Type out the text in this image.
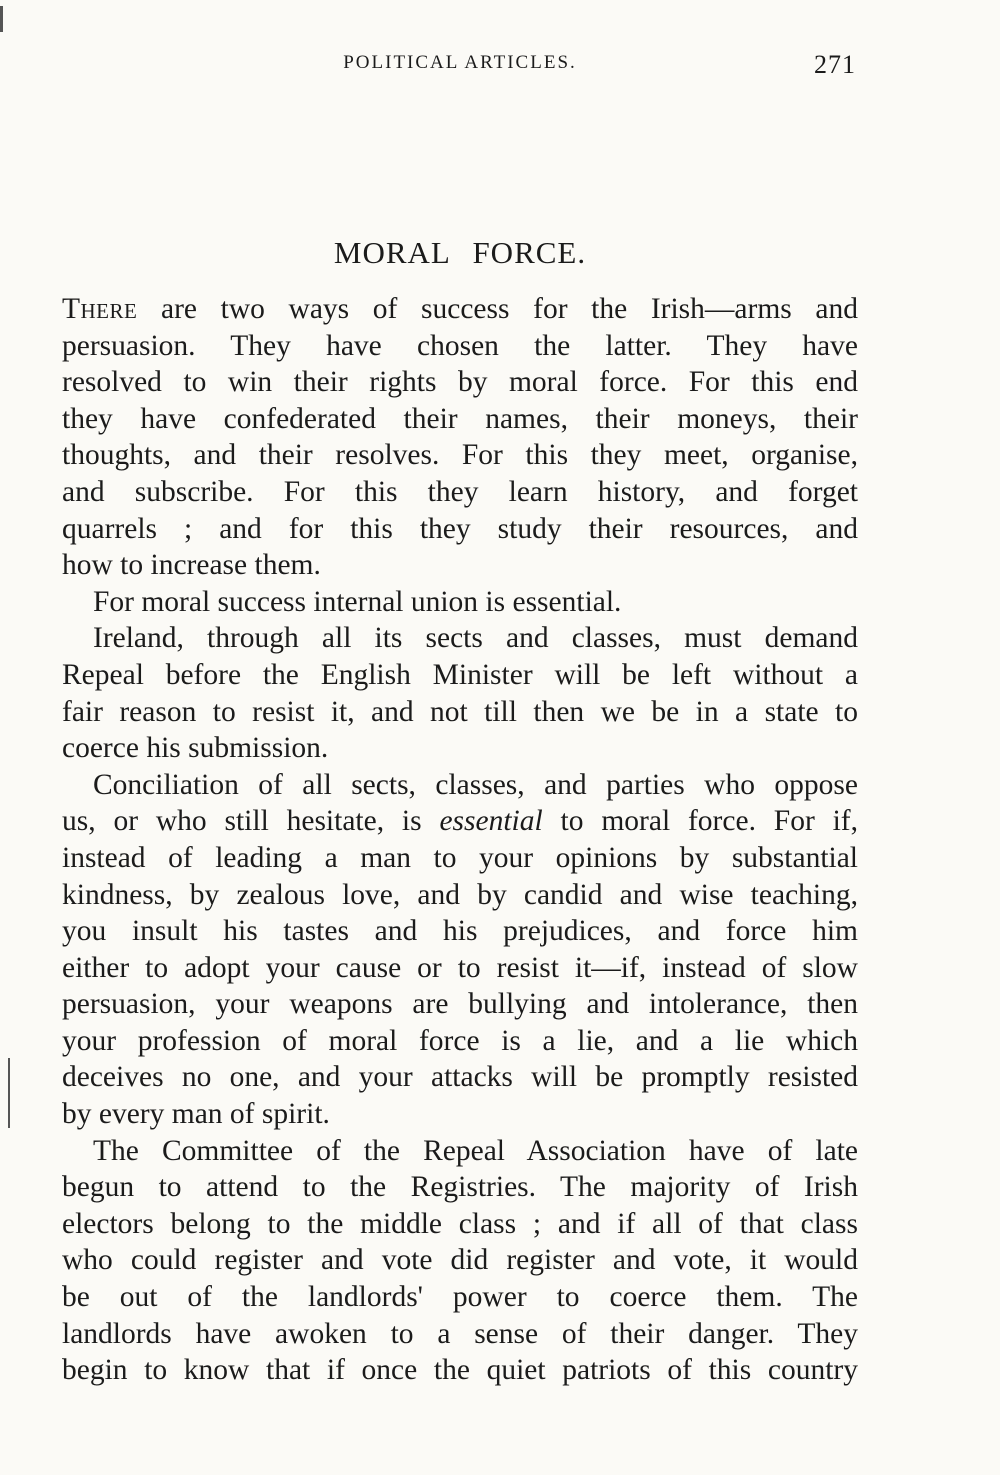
POLITICAL ARTICLES.	271
MORAL FORCE.
There are two ways of success for the Irish—arms and
persuasion. They have chosen the latter. They have
resolved to win their rights by moral force. For this end
they have confederated their names, their moneys, their
thoughts, and their resolves. For this they meet, organise,
and subscribe. For this they learn history, and forget
quarrels ; and for this they study their resources, and
how to increase them.
For moral success internal union is essential.
Ireland, through all its sects and classes, must demand
Repeal before the English Minister will be left without a
fair reason to resist it, and not till then we be in a state to
coerce his submission.
Conciliation of all sects, classes, and parties who oppose
us, or who still hesitate, is essential to moral force. For if,
instead of leading a man to your opinions by substantial
kindness, by zealous love, and by candid and wise teaching,
you insult his tastes and his prejudices, and force him
either to adopt your cause or to resist it—if, instead of slow
persuasion, your weapons are bullying and intolerance, then
your profession of moral force is a lie, and a lie which
deceives no one, and your attacks will be promptly resisted
by every man of spirit.
The Committee of the Repeal Association have of late
begun to attend to the Registries. The majority of Irish
electors belong to the middle class ; and if all of that class
who could register and vote did register and vote, it would
be out of the landlords' power to coerce them. The
landlords have awoken to a sense of their danger. They
begin to know that if once the quiet patriots of this country
